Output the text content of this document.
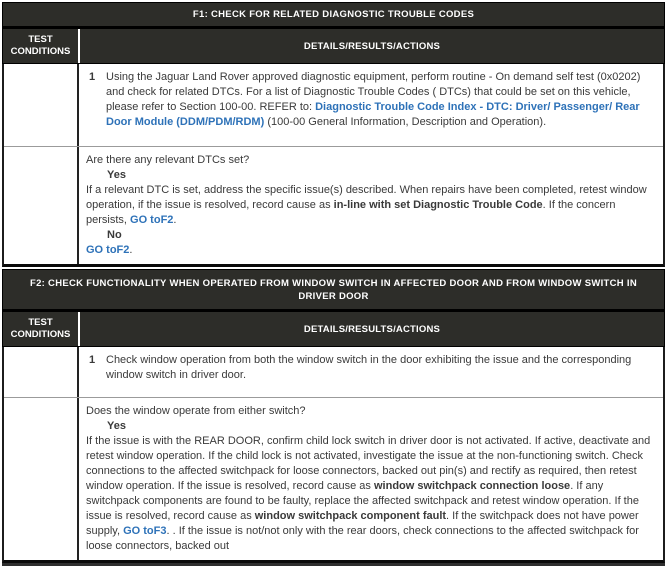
F1: CHECK FOR RELATED DIAGNOSTIC TROUBLE CODES
TEST CONDITIONS	DETAILS/RESULTS/ACTIONS
1 Using the Jaguar Land Rover approved diagnostic equipment, perform routine - On demand self test (0x0202) and check for related DTCs. For a list of Diagnostic Trouble Codes ( DTCs) that could be set on this vehicle, please refer to Section 100-00. REFER to: Diagnostic Trouble Code Index - DTC: Driver/ Passenger/ Rear Door Module (DDM/PDM/RDM) (100-00 General Information, Description and Operation).
Are there any relevant DTCs set?
Yes
If a relevant DTC is set, address the specific issue(s) described. When repairs have been completed, retest window operation, if the issue is resolved, record cause as in-line with set Diagnostic Trouble Code. If the concern persists, GO toF2.
No
GO toF2.
F2: CHECK FUNCTIONALITY WHEN OPERATED FROM WINDOW SWITCH IN AFFECTED DOOR AND FROM WINDOW SWITCH IN DRIVER DOOR
TEST CONDITIONS	DETAILS/RESULTS/ACTIONS
1 Check window operation from both the window switch in the door exhibiting the issue and the corresponding window switch in driver door.
Does the window operate from either switch?
Yes
If the issue is with the REAR DOOR, confirm child lock switch in driver door is not activated. If active, deactivate and retest window operation. If the child lock is not activated, investigate the issue at the non-functioning switch. Check connections to the affected switchpack for loose connectors, backed out pin(s) and rectify as required, then retest window operation. If the issue is resolved, record cause as window switchpack connection loose. If any switchpack components are found to be faulty, replace the affected switchpack and retest window operation. If the issue is resolved, record cause as window switchpack component fault. If the switchpack does not have power supply, GO toF3. . If the issue is not/not only with the rear doors, check connections to the affected switchpack for loose connectors, backed out
